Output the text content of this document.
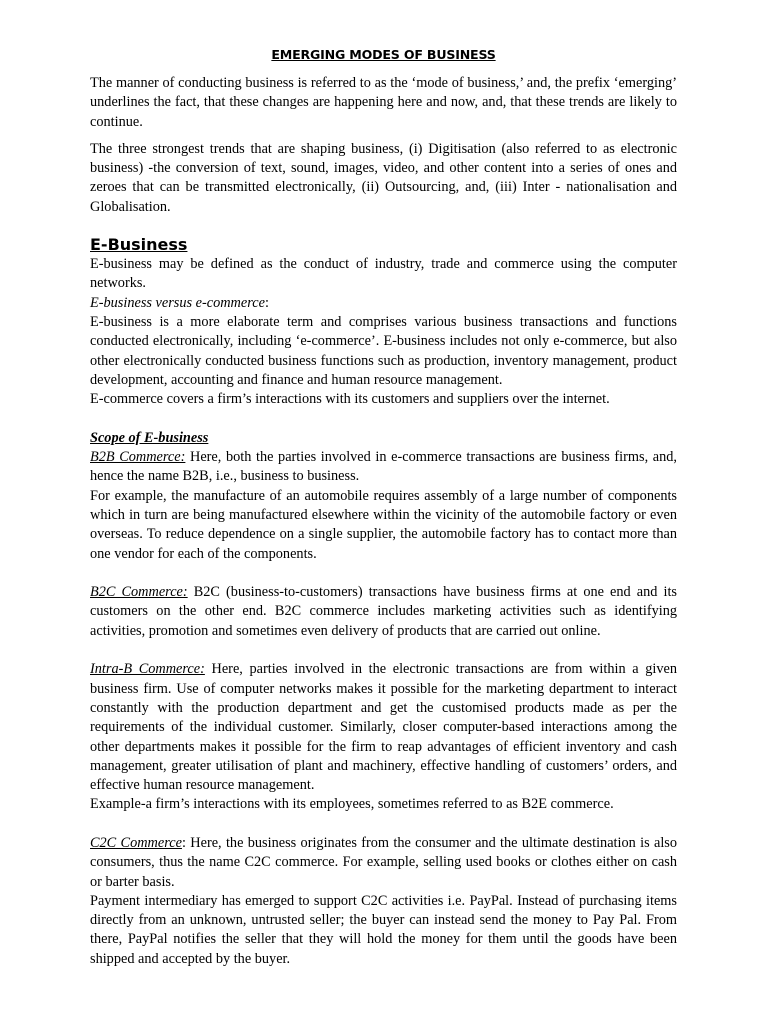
EMERGING MODES OF BUSINESS

The manner of conducting business is referred to as the ‘mode of business,’ and, the prefix ‘emerging’ underlines the fact, that these changes are happening here and now, and, that these trends are likely to continue.

The three strongest trends that are shaping business, (i) Digitisation (also referred to as electronic business) -the conversion of text, sound, images, video, and other content into a series of ones and zeroes that can be transmitted electronically, (ii) Outsourcing, and, (iii) Inter - nationalisation and Globalisation.

E-Business

E-business may be defined as the conduct of industry, trade and commerce using the computer networks.

E-business versus e-commerce:

E-business is a more elaborate term and comprises various business transactions and functions conducted electronically, including ‘e-commerce’. E-business includes not only e-commerce, but also other electronically conducted business functions such as production, inventory management, product development, accounting and finance and human resource management.

E-commerce covers a firm’s interactions with its customers and suppliers over the internet.

Scope of E-business

B2B Commerce: Here, both the parties involved in e-commerce transactions are business firms, and, hence the name B2B, i.e., business to business.

For example, the manufacture of an automobile requires assembly of a large number of components which in turn are being manufactured elsewhere within the vicinity of the automobile factory or even overseas. To reduce dependence on a single supplier, the automobile factory has to contact more than one vendor for each of the components.

B2C Commerce: B2C (business-to-customers) transactions have business firms at one end and its customers on the other end. B2C commerce includes marketing activities such as identifying activities, promotion and sometimes even delivery of products that are carried out online.

Intra-B Commerce: Here, parties involved in the electronic transactions are from within a given business firm. Use of computer networks makes it possible for the marketing department to interact constantly with the production department and get the customised products made as per the requirements of the individual customer. Similarly, closer computer-based interactions among the other departments makes it possible for the firm to reap advantages of efficient inventory and cash management, greater utilisation of plant and machinery, effective handling of customers’ orders, and effective human resource management.

Example-a firm’s interactions with its employees, sometimes referred to as B2E commerce.

C2C Commerce: Here, the business originates from the consumer and the ultimate destination is also consumers, thus the name C2C commerce. For example, selling used books or clothes either on cash or barter basis.

Payment intermediary has emerged to support C2C activities i.e. PayPal. Instead of purchasing items directly from an unknown, untrusted seller; the buyer can instead send the money to Pay Pal. From there, PayPal notifies the seller that they will hold the money for them until the goods have been shipped and accepted by the buyer.
